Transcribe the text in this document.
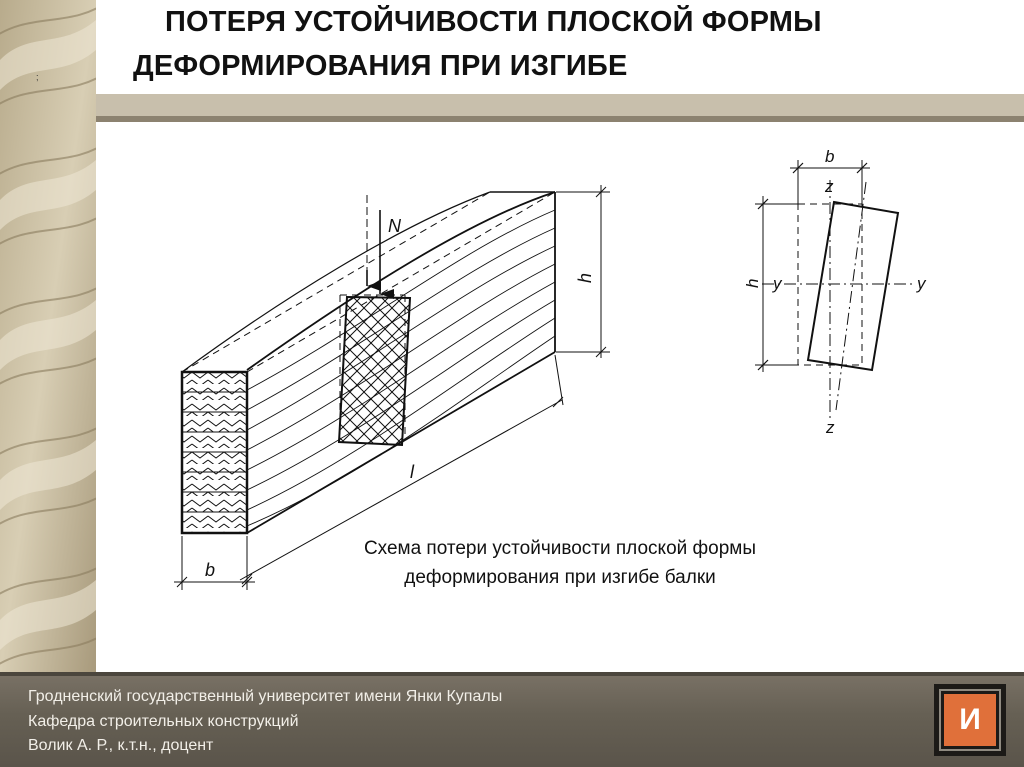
;
ПОТЕРЯ УСТОЙЧИВОСТИ ПЛОСКОЙ ФОРМЫ
ДЕФОРМИРОВАНИЯ ПРИ ИЗГИБЕ
N
h
l
b
b
z
h y	y
z
Схема потери устойчивости плоской формы
деформирования при изгибе балки
Гродненский государственный университет имени Янки Купалы
Кафедра строительных конструкций
Волик А. Р., к.т.н., доцент
И
